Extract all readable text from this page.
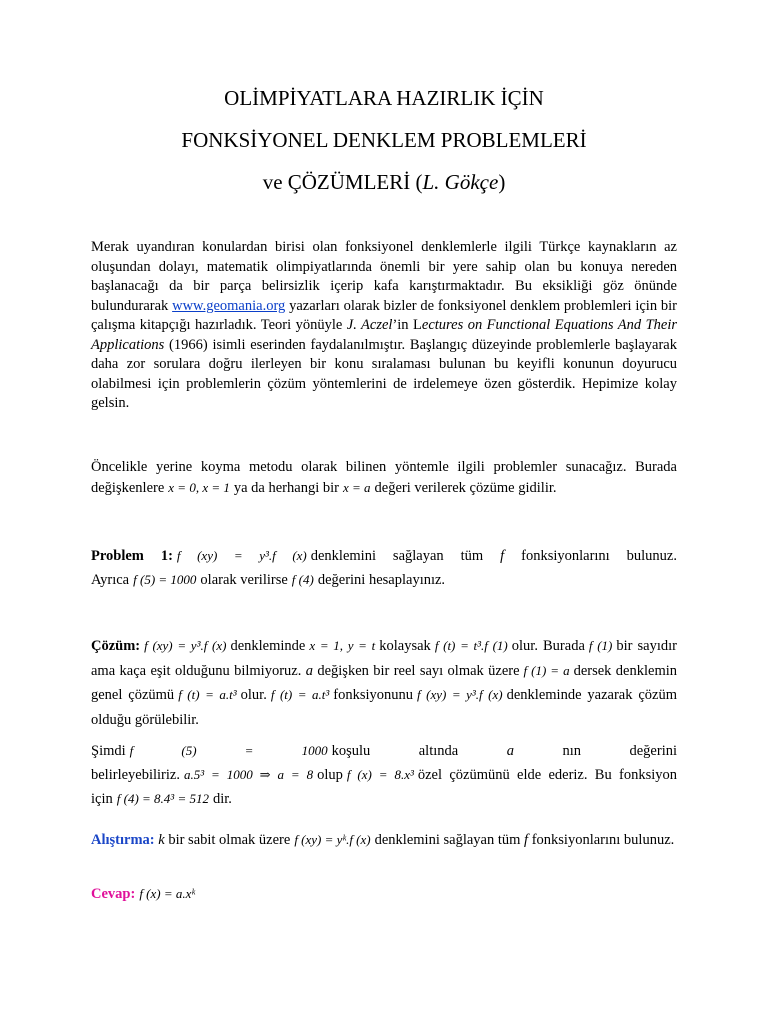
OLİMPİYATLARA HAZIRLIK İÇİN
FONKSİYONEL DENKLEM PROBLEMLERİ
ve ÇÖZÜMLERİ (L. Gökçe)
Merak uyandıran konulardan birisi olan fonksiyonel denklemlerle ilgili Türkçe kaynakların az oluşundan dolayı, matematik olimpiyatlarında önemli bir yere sahip olan bu konuya nereden başlanacağı da bir parça belirsizlik içerip kafa karıştırmaktadır. Bu eksikliği göz önünde bulundurarak www.geomania.org yazarları olarak bizler de fonksiyonel denklem problemleri için bir çalışma kitapçığı hazırladık. Teori yönüyle J. Aczel’in Lectures on Functional Equations And Their Applications (1966) isimli eserinden faydalanılmıştır. Başlangıç düzeyinde problemlerle başlayarak daha zor sorulara doğru ilerleyen bir konu sıralaması bulunan bu keyifli konunun doyurucu olabilmesi için problemlerin çözüm yöntemlerini de irdelemeye özen gösterdik. Hepimize kolay gelsin.
Öncelikle yerine koyma metodu olarak bilinen yöntemle ilgili problemler sunacağız. Burada değişkenlere x = 0, x = 1 ya da herhangi bir x = a değeri verilerek çözüme gidilir.
Problem 1: f (xy) = y³.f (x) denklemini sağlayan tüm f fonksiyonlarını bulunuz. Ayrıca f (5) = 1000 olarak verilirse f (4) değerini hesaplayınız.
Çözüm: f (xy) = y³.f (x) denkleminde x = 1, y = t kolaysak f (t) = t³.f (1) olur. Burada f (1) bir sayıdır ama kaça eşit olduğunu bilmiyoruz. a değişken bir reel sayı olmak üzere f (1) = a dersek denklemin genel çözümü f (t) = a.t³ olur. f (t) = a.t³ fonksiyonunu f (xy) = y³.f (x) denkleminde yazarak çözüm olduğu görülebilir.
Şimdi f (5) = 1000 koşulu altında	a	nın değerini belirleyebiliriz. a.5³ = 1000 ⇒ a = 8 olup f (x) = 8.x³ özel çözümünü elde ederiz. Bu fonksiyon için f (4) = 8.4³ = 512 dir.
Alıştırma: k bir sabit olmak üzere f (xy) = yᵏ.f (x) denklemini sağlayan tüm f fonksiyonlarını bulunuz.
Cevap: f (x) = a.xᵏ
